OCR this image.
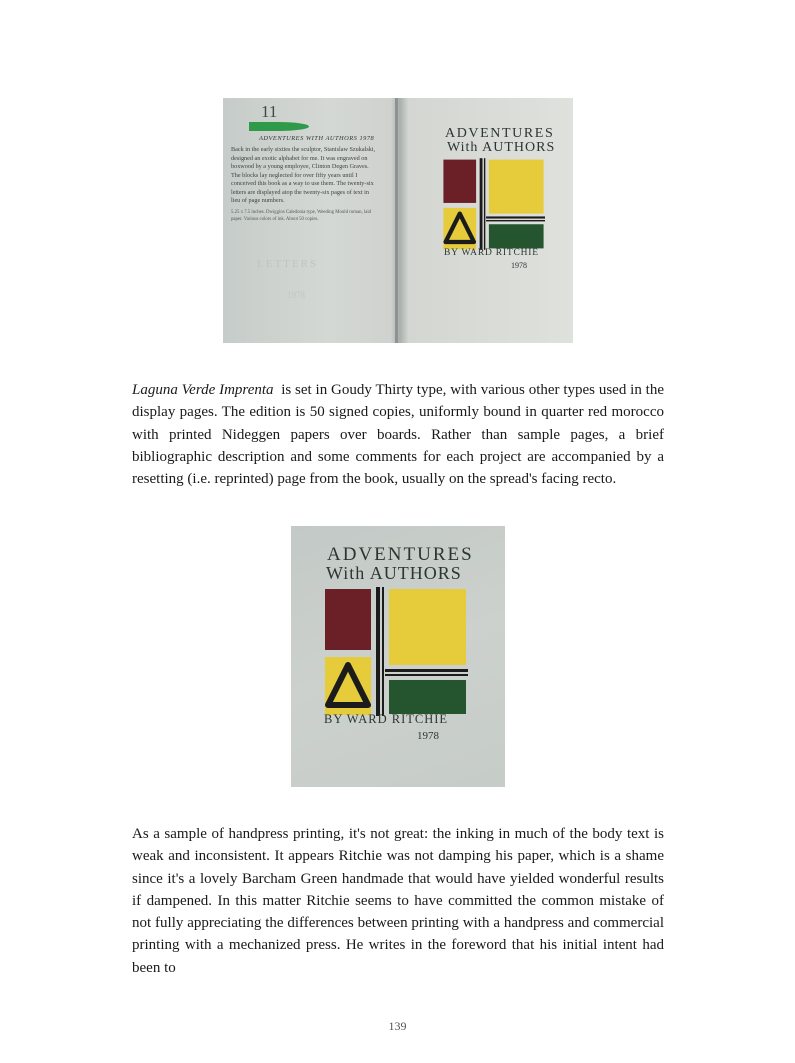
11
ADVENTURES WITH AUTHORS 1978
Back in the early sixties the sculptor, Stanislaw Szukalski, designed an exotic alphabet for me. It was engraved on boxwood by a young employee, Clinton Degen Graves. The blocks lay neglected for over fifty years until I conceived this book as a way to use them. The twenty-six letters are displayed atop the twenty-six pages of text in lieu of page numbers.
5.25 x 7.5 inches. Dwiggins Caledonia type, Weeding Mould roman, laid paper. Various colors of ink. About 50 copies.
LETTERS
1978
ADVENTURES
With AUTHORS
BY WARD RITCHIE
1978

Laguna Verde Imprenta is set in Goudy Thirty type, with various other types used in the display pages. The edition is 50 signed copies, uniformly bound in quarter red morocco with printed Nideggen papers over boards. Rather than sample pages, a brief bibliographic description and some comments for each project are accompanied by a resetting (i.e. reprinted) page from the book, usually on the spread's facing recto.

ADVENTURES
With AUTHORS
BY WARD RITCHIE
1978

As a sample of handpress printing, it's not great: the inking in much of the body text is weak and inconsistent. It appears Ritchie was not damping his paper, which is a shame since it's a lovely Barcham Green handmade that would have yielded wonderful results if dampened. In this matter Ritchie seems to have committed the common mistake of not fully appreciating the differences between printing with a handpress and commercial printing with a mechanized press. He writes in the foreword that his initial intent had been to

139
